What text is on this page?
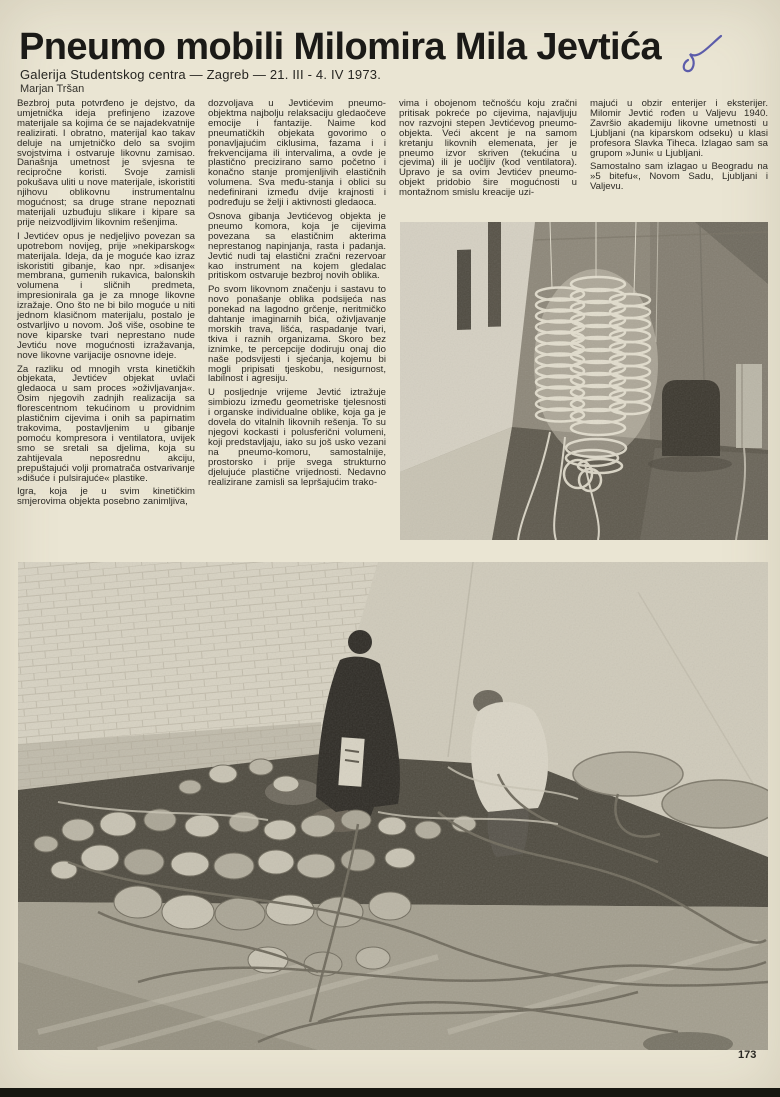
Pneumo mobili Milomira Mila Jevtića
Galerija Studentskog centra — Zagreb — 21. III - 4. IV 1973.
Marjan Tršan

Bezbroj puta potvrđeno je dejstvo, da umjetnička ideja prefinjeno izazove materijale sa kojima će se najadekvatnije realizirati. I obratno, materijal kao takav deluje na umjetničko delo sa svojim svojstvima i ostvaruje likovnu zamisao. Današnja umetnost je svjesna te recipročne koristi. Svoje zamisli pokušava uliti u nove materijale, iskoristiti njihovu oblikovnu instrumentalnu mogućnost; sa druge strane nepoznati materijali uzbuđuju slikare i kipare sa prije neizvodljivim likovnim rešenjima.

I Jevtićev opus je nedjeljivo povezan sa upotrebom novijeg, prije »nekiparskog« materijala. Ideja, da je moguće kao izraz iskoristiti gibanje, kao npr. »disanje« membrana, gumenih rukavica, balonskih volumena i sličnih predmeta, impresionirala ga je za mnoge likovne izražaje. Ono što ne bi bilo moguće u niti jednom klasičnom materijalu, postalo je ostvarljivo u novom. Još više, osobine te nove kiparske tvari neprestano nude Jevtiću nove mogućnosti izražavanja, nove likovne varijacije osnovne ideje.

Za razliku od mnogih vrsta kinetičkih objekata, Jevtićev objekat uvlači gledaoca u sam proces »oživljavanja«. Osim njegovih zadnjih realizacija sa florescentnom tekućinom u providnim plastičnim cijevima i onih sa papirnatim trakovima, postavljenim u gibanje pomoću kompresora i ventilatora, uvijek smo se sretali sa djelima, koja su zahtijevala neposrednu akciju, prepuštajući volji promatrača ostvarivanje »dišuće i pulsirajuće« plastike.

Igra, koja je u svim kinetičkim smjerovima objekta posebno zanimljiva,

dozvoljava u Jevtićevim pneumo-objektma najbolju relaksaciju gledaočeve emocije i fantazije. Naime kod pneumatičkih objekata govorimo o ponavljajućim ciklusima, fazama i i frekvencijama ili intervalima, a ovde je plastično precizirano samo početno i konačno stanje promjenljivih elastičnih volumena. Sva među-stanja i oblici su nedefinirani između dvije krajnosti i podređuju se želji i aktivnosti gledaoca.

Osnova gibanja Jevtićevog objekta je pneumo komora, koja je cijevima povezana sa elastičnim akterima neprestanog napinjanja, rasta i padanja. Jevtić nudi taj elastični zračni rezervoar kao instrument na kojem gledalac pritiskom ostvaruje bezbroj novih oblika.

Po svom likovnom značenju i sastavu to novo ponašanje oblika podsijeća nas ponekad na lagodno grčenje, neritmičko dahtanje imaginarnih bića, oživljavanje morskih trava, lišća, raspadanje tvari, tkiva i raznih organizama. Skoro bez iznimke, te percepcije dodiruju onaj dio naše podsvijesti i sjećanja, kojemu bi mogli pripisati tjeskobu, nesigurnost, labilnost i agresiju.

U posljednje vrijeme Jevtić iztražuje simbiozu između geometriske tjelesnosti i organske individualne oblike, koja ga je dovela do vitalnih likovnih rešenja. To su njegovi kockasti i polusferični volumeni, koji predstavljaju, iako su još usko vezani na pneumo-komoru, samostalnije, prostorsko i prije svega strukturno djelujuće plastične vrijednosti. Nedavno realizirane zamisli sa lepršajućim trako-

vima i obojenom tečnošću koju zračni pritisak pokreće po cijevima, najavljuju nov razvojni stepen Jevtićevog pneumo-objekta. Veći akcent je na samom kretanju likovnih elemenata, jer je pneumo izvor skriven (tekućina u cjevima) ili je uočljiv (kod ventilatora). Upravo je sa ovim Jevtićev pneumo-objekt pridobio šire mogućnosti u montažnom smislu kreacije uzi-

majući u obzir enterijer i eksterijer. Milomir Jevtić rođen u Valjevu 1940. Završio akademiju likovne umetnosti u Ljubljani (na kiparskom odseku) u klasi profesora Slavka Tiheca. Izlagao sam sa grupom »Juni« u Ljubljani.

Samostalno sam izlagao u Beogradu na »5 bitefu«, Novom Sadu, Ljubljani i Valjevu.

173
